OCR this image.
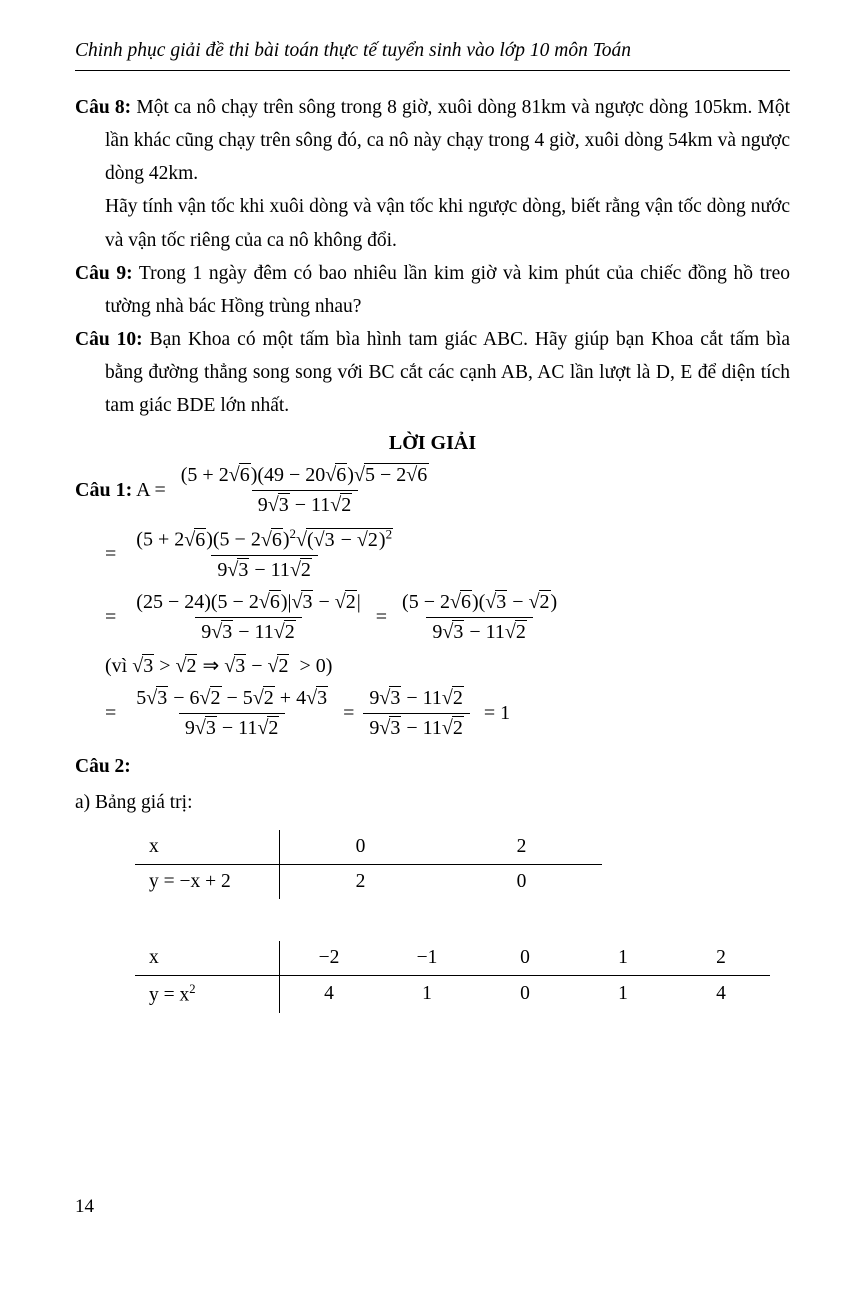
Chinh phục giải đề thi bài toán thực tế tuyển sinh vào lớp 10 môn Toán
Câu 8: Một ca nô chạy trên sông trong 8 giờ, xuôi dòng 81km và ngược dòng 105km. Một lần khác cũng chạy trên sông đó, ca nô này chạy trong 4 giờ, xuôi dòng 54km và ngược dòng 42km.
Hãy tính vận tốc khi xuôi dòng và vận tốc khi ngược dòng, biết rằng vận tốc dòng nước và vận tốc riêng của ca nô không đổi.
Câu 9: Trong 1 ngày đêm có bao nhiêu lần kim giờ và kim phút của chiếc đồng hồ treo tường nhà bác Hồng trùng nhau?
Câu 10: Bạn Khoa có một tấm bìa hình tam giác ABC. Hãy giúp bạn Khoa cắt tấm bìa bằng đường thẳng song song với BC cắt các cạnh AB, AC lần lượt là D, E để diện tích tam giác BDE lớn nhất.
LỜI GIẢI
Câu 1: $A = \frac{(5 + 2√6)(49 - 20√6)√5 - 2√6}{9√3 - 11√2}$
= $\frac{(5 + 2√6)(5 - 2√6)^2√(√3 - √2)^2}{9√3 - 11√2}$
= $\frac{(25 - 24)(5 - 2√6)|√3 - √2|}{9√3 - 11√2} = \frac{(5 - 2√6)(√3 - √2)}{9√3 - 11√2}$
(vì √3 > √2 ⇒ √3 − √2  > 0)
= $\frac{5√3 - 6√2 - 5√2 + 4√3}{9√3 - 11√2} = \frac{9√3 - 11√2}{9√3 - 11√2} = 1$
Câu 2:
a) Bảng giá trị:
x	0	2
y = −x + 2	2	0
x	−2	−1	0	1	2
$y = x^2$	4	1	0	1	4
14
